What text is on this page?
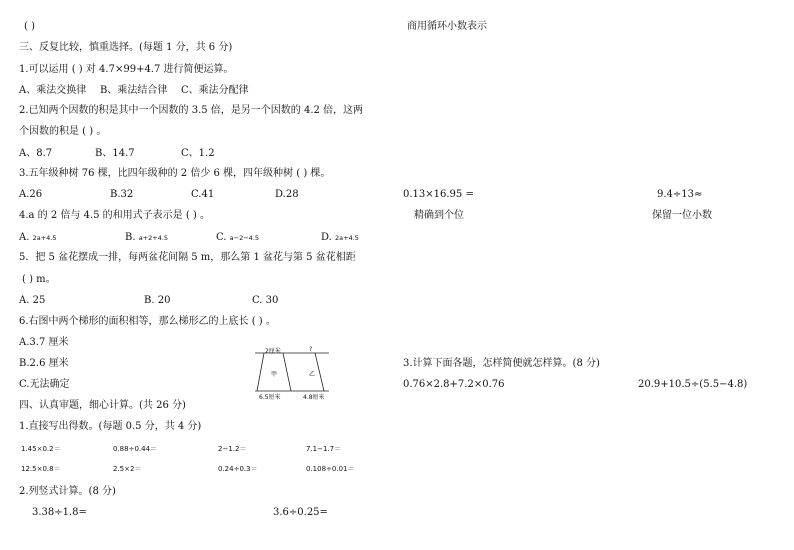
( )
三、反复比较，慎重选择。(每题 1 分，共 6 分)
1.可以运用 ( ) 对 4.7×99+4.7 进行简便运算。
A、乘法交换律 B、乘法结合律 C、乘法分配律
2.已知两个因数的积是其中一个因数的 3.5 倍，是另一个因数的 4.2 倍，这两
个因数的积是 ( ) 。
A、8.7	B、14.7	C、1.2
3.五年级种树 76 棵，比四年级种的 2 倍少 6 棵，四年级种树 ( ) 棵。
A.26	B.32	C.41	D.28
4.a 的 2 倍与 4.5 的和用式子表示是 ( ) 。
A. 2a+4.5	B. a+2+4.5	C. a−2−4.5	D. 2a+4.5
5．把 5 盆花摆成一排，每两盆花间隔 5 m，那么第 1 盆花与第 5 盆花相距
( ) m。
A. 25	B. 20	C. 30
6.右图中两个梯形的面积相等，那么梯形乙的上底长 ( ) 。
A.3.7 厘米
B.2.6 厘米
C.无法确定
2厘米	?
甲	乙
6.5厘米	4.8厘米
四、认真审题，细心计算。(共 26 分)
1.直接写出得数。(每题 0.5 分，共 4 分)
1.45×0.2＝	0.88÷0.44＝	2−1.2＝	7.1−1.7＝
12.5×0.8＝	2.5×2＝	0.24÷0.3＝	0.108÷0.01＝
2.列竖式计算。(8 分)
3.38÷1.8=	3.6÷0.25=
商用循环小数表示
0.13×16.95 =
精确到个位
9.4÷13≈
保留一位小数
3.计算下面各题，怎样简便就怎样算。(8 分)
0.76×2.8+7.2×0.76	20.9+10.5÷(5.5−4.8)
